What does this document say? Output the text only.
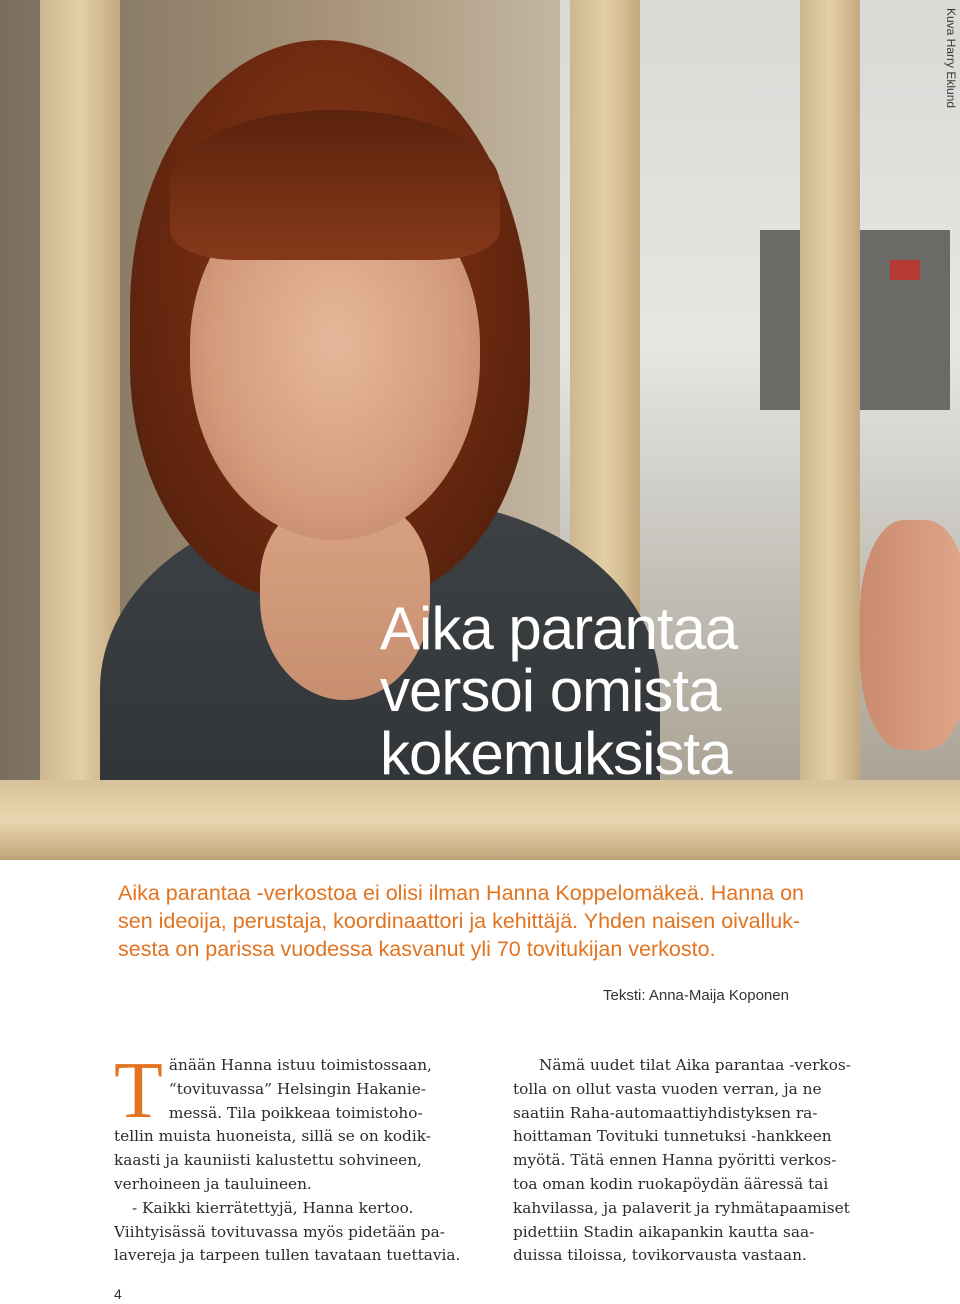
Kuva Harry Eklund
Aika parantaa
versoi omista
kokemuksista
Aika parantaa -verkostoa ei olisi ilman Hanna Koppelomäkeä. Hanna on
sen ideoija, perustaja, koordinaattori ja kehittäjä. Yhden naisen oivalluk-
sesta on parissa vuodessa kasvanut yli 70 tovitukijan verkosto.
Teksti: Anna-Maija Koponen
T änään Hanna istuu toimistossaan,

“tovituvassa” Helsingin Hakanie-

messä. Tila poikkeaa toimistoho-

tellin muista huoneista, sillä se on kodik-

kaasti ja kauniisti kalustettu sohvineen,

verhoineen ja tauluineen.

- Kaikki kierrätettyjä, Hanna kertoo.

Viihtyisässä tovituvassa myös pidetään pa-

lavereja ja tarpeen tullen tavataan tuettavia.

Nämä uudet tilat Aika parantaa -verkos-

tolla on ollut vasta vuoden verran, ja ne

saatiin Raha-automaattiyhdistyksen ra-

hoittaman Tovituki tunnetuksi -hankkeen

myötä. Tätä ennen Hanna pyöritti verkos-

toa oman kodin ruokapöydän ääressä tai

kahvilassa, ja palaverit ja ryhmätapaamiset

pidettiin Stadin aikapankin kautta saa-

duissa tiloissa, tovikorvausta vastaan.

4
